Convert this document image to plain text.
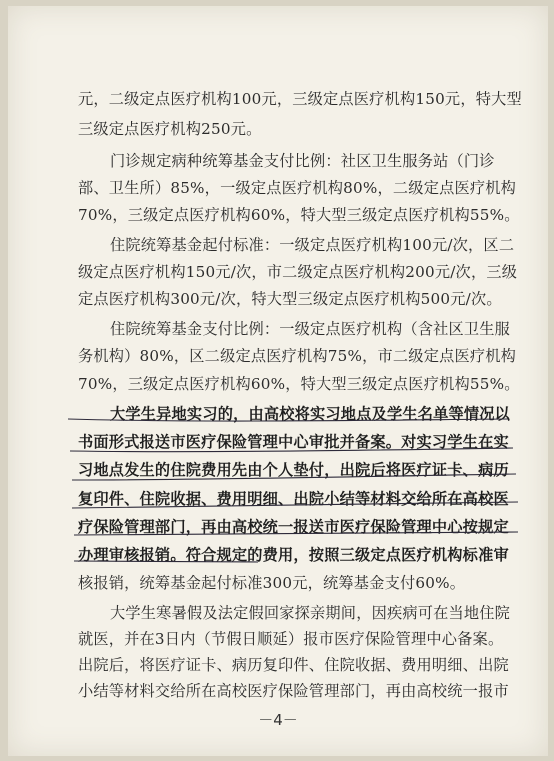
元，二级定点医疗机构100元，三级定点医疗机构150元，特大型
三级定点医疗机构250元。
门诊规定病种统筹基金支付比例：社区卫生服务站（门诊
部、卫生所）85%，一级定点医疗机构80%，二级定点医疗机构
70%，三级定点医疗机构60%，特大型三级定点医疗机构55%。
住院统筹基金起付标准：一级定点医疗机构100元/次，区二
级定点医疗机构150元/次，市二级定点医疗机构200元/次，三级
定点医疗机构300元/次，特大型三级定点医疗机构500元/次。
住院统筹基金支付比例：一级定点医疗机构（含社区卫生服
务机构）80%，区二级定点医疗机构75%，市二级定点医疗机构
70%，三级定点医疗机构60%，特大型三级定点医疗机构55%。
大学生异地实习的，由高校将实习地点及学生名单等情况以
书面形式报送市医疗保险管理中心审批并备案。对实习学生在实
习地点发生的住院费用先由个人垫付，出院后将医疗证卡、病历
复印件、住院收据、费用明细、出院小结等材料交给所在高校医
疗保险管理部门，再由高校统一报送市医疗保险管理中心按规定
办理审核报销。符合规定的费用，按照三级定点医疗机构标准审
核报销，统筹基金起付标准300元，统筹基金支付60%。
大学生寒暑假及法定假回家探亲期间，因疾病可在当地住院
就医，并在3日内（节假日顺延）报市医疗保险管理中心备案。
出院后，将医疗证卡、病历复印件、住院收据、费用明细、出院
小结等材料交给所在高校医疗保险管理部门，再由高校统一报市
－4－
